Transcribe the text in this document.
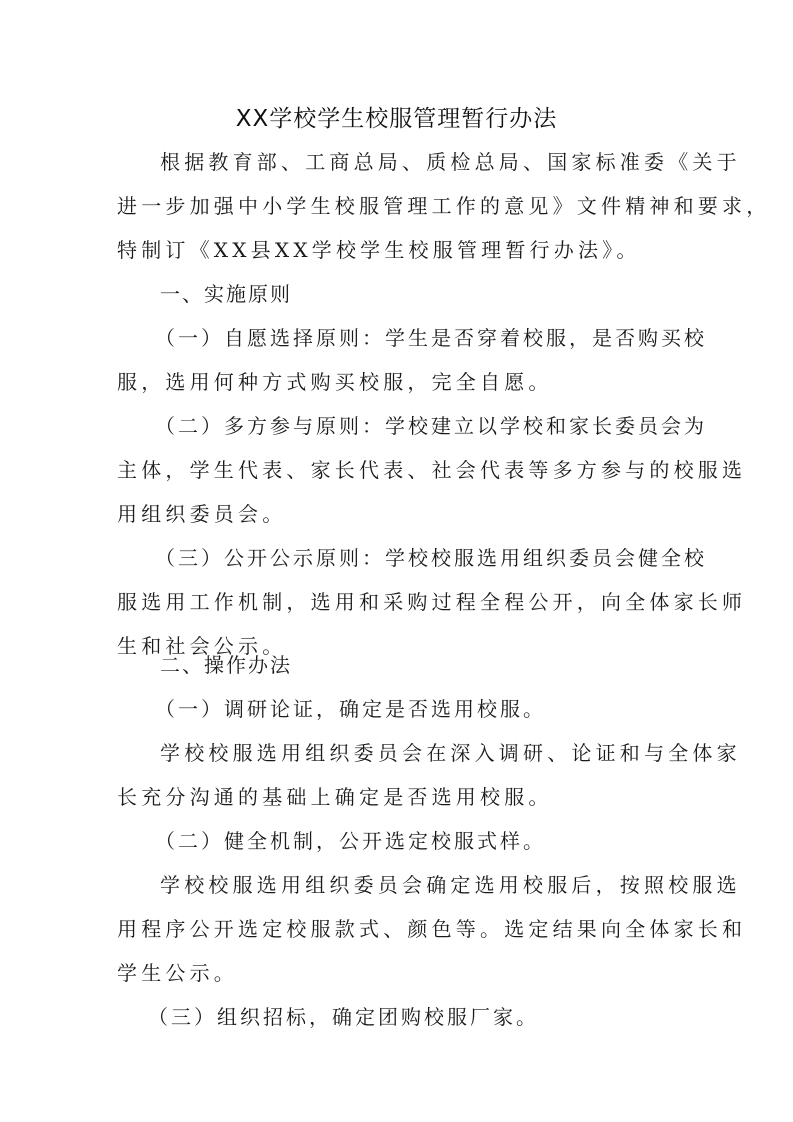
XX学校学生校服管理暂行办法
根据教育部、工商总局、质检总局、国家标准委《关于
进一步加强中小学生校服管理工作的意见》文件精神和要求，
特制订《XX县XX学校学生校服管理暂行办法》。
一、实施原则
（一）自愿选择原则：学生是否穿着校服，是否购买校
服，选用何种方式购买校服，完全自愿。
（二）多方参与原则：学校建立以学校和家长委员会为
主体，学生代表、家长代表、社会代表等多方参与的校服选
用组织委员会。
（三）公开公示原则：学校校服选用组织委员会健全校
服选用工作机制，选用和采购过程全程公开，向全体家长师
生和社会公示。
二、操作办法
（一）调研论证，确定是否选用校服。
学校校服选用组织委员会在深入调研、论证和与全体家
长充分沟通的基础上确定是否选用校服。
（二）健全机制，公开选定校服式样。
学校校服选用组织委员会确定选用校服后，按照校服选
用程序公开选定校服款式、颜色等。选定结果向全体家长和
学生公示。
（三）组织招标，确定团购校服厂家。
